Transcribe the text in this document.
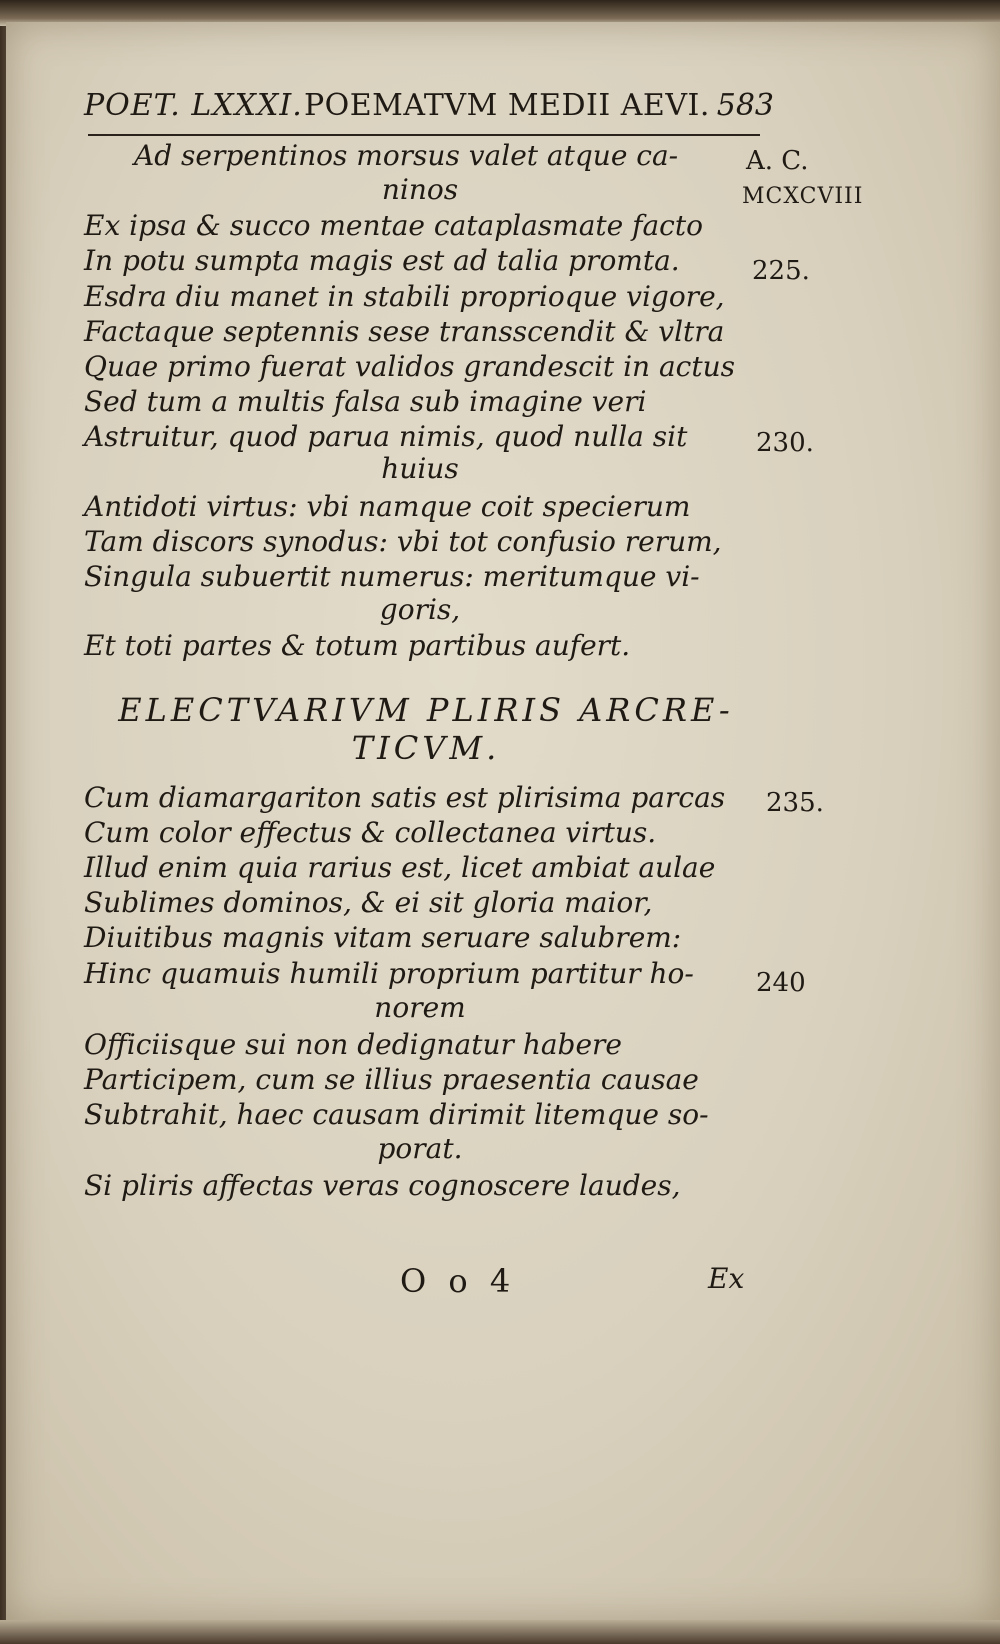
POET. LXXXI. POEMATVM MEDII AEVI. 583
A. C.
MCXCVIII
225.
230.
235.
240
Ad serpentinos morsus valet atque ca-
ninos
Ex ipsa & succo mentae cataplasmate facto
In potu sumpta magis est ad talia promta.
Esdra diu manet in stabili proprioque vigore,
Factaque septennis sese transscendit & vltra
Quae primo fuerat validos grandescit in actus
Sed tum a multis falsa sub imagine veri
Astruitur, quod parua nimis, quod nulla sit
huius
Antidoti virtus: vbi namque coit specierum
Tam discors synodus: vbi tot confusio rerum,
Singula subuertit numerus: meritumque vi-
goris,
Et toti partes & totum partibus aufert.
ELECTVARIVM PLIRIS ARCRE-
TICVM.
Cum diamargariton satis est plirisima parcas
Cum color effectus & collectanea virtus.
Illud enim quia rarius est, licet ambiat aulae
Sublimes dominos, & ei sit gloria maior,
Diuitibus magnis vitam seruare salubrem:
Hinc quamuis humili proprium partitur ho-
norem
Officiisque sui non dedignatur habere
Participem, cum se illius praesentia causae
Subtrahit, haec causam dirimit litemque so-
porat.
Si pliris affectas veras cognoscere laudes,
O o 4	Ex
